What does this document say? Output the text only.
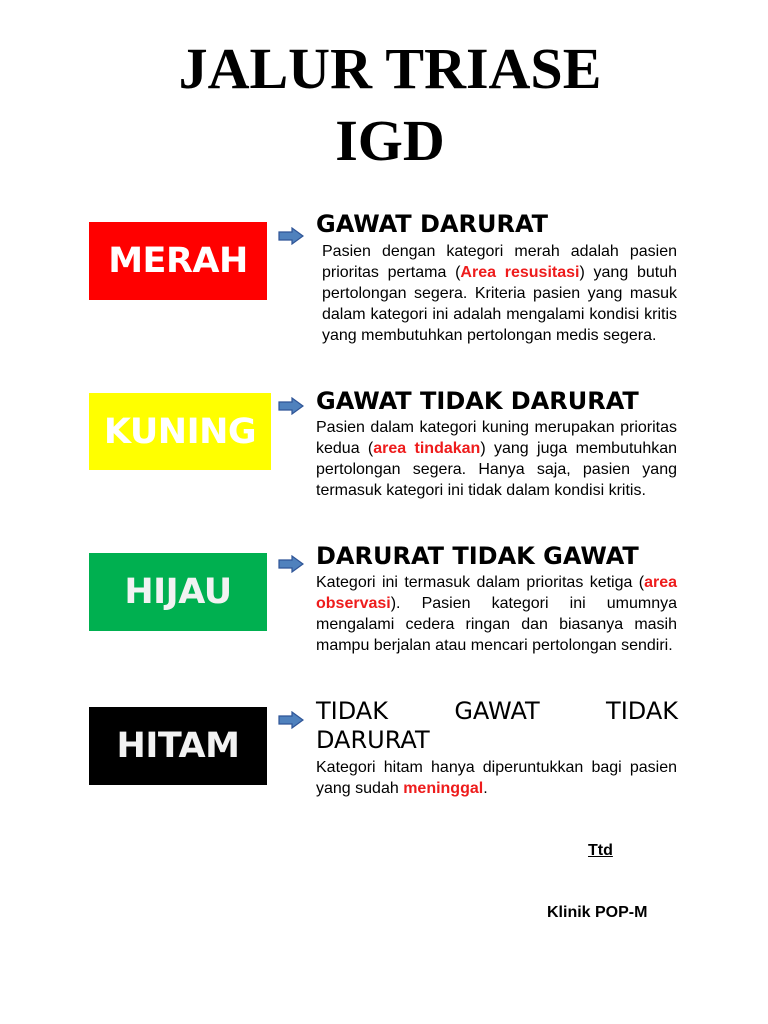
JALUR TRIASE
IGD
MERAH
GAWAT DARURAT

Pasien dengan kategori merah adalah pasien prioritas pertama (Area resusitasi) yang butuh pertolongan segera. Kriteria pasien yang masuk dalam kategori ini adalah mengalami kondisi kritis yang membutuhkan pertolongan medis segera.

KUNING
GAWAT TIDAK DARURAT

Pasien dalam kategori kuning merupakan prioritas kedua (area tindakan) yang juga membutuhkan pertolongan segera. Hanya saja, pasien yang termasuk kategori ini tidak dalam kondisi kritis.

HIJAU
DARURAT TIDAK GAWAT

Kategori ini termasuk dalam prioritas ketiga (area observasi). Pasien kategori ini umumnya mengalami cedera ringan dan biasanya masih mampu berjalan atau mencari pertolongan sendiri.

HITAM
TIDAK	GAWAT	TIDAK
DARURAT

Kategori hitam hanya diperuntukkan bagi pasien yang sudah meninggal.

Ttd
Klinik POP-M
